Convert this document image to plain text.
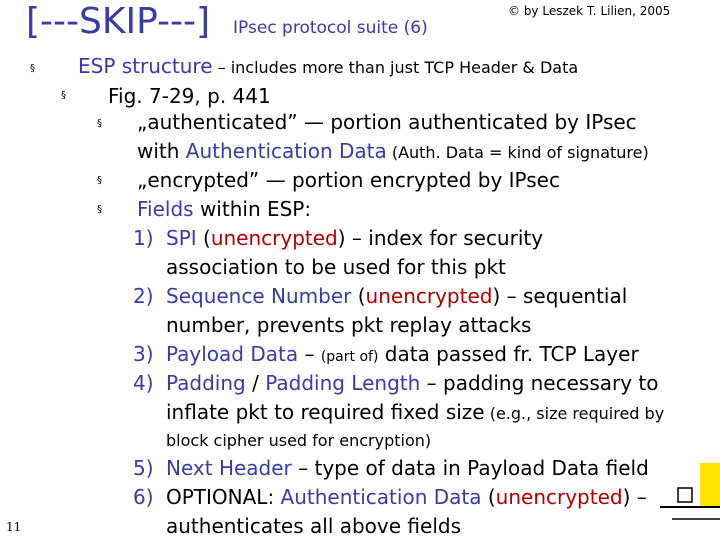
[---SKIP---] IPsec protocol suite (6)
© by Leszek T. Lilien, 2005
§ ESP structure – includes more than just TCP Header & Data
§ Fig. 7-29, p. 441
§ „authenticated” — portion authenticated by IPsec
with Authentication Data (Auth. Data = kind of signature)
§ „encrypted” — portion encrypted by IPsec
§ Fields within ESP:
1) SPI (unencrypted) – index for security
association to be used for this pkt
2) Sequence Number (unencrypted) – sequential
number, prevents pkt replay attacks
3) Payload Data – (part of) data passed fr. TCP Layer
4) Padding / Padding Length – padding necessary to
inflate pkt to required fixed size (e.g., size required by
block cipher used for encryption)
5) Next Header – type of data in Payload Data field
6) OPTIONAL: Authentication Data (unencrypted) –
authenticates all above fields
11
